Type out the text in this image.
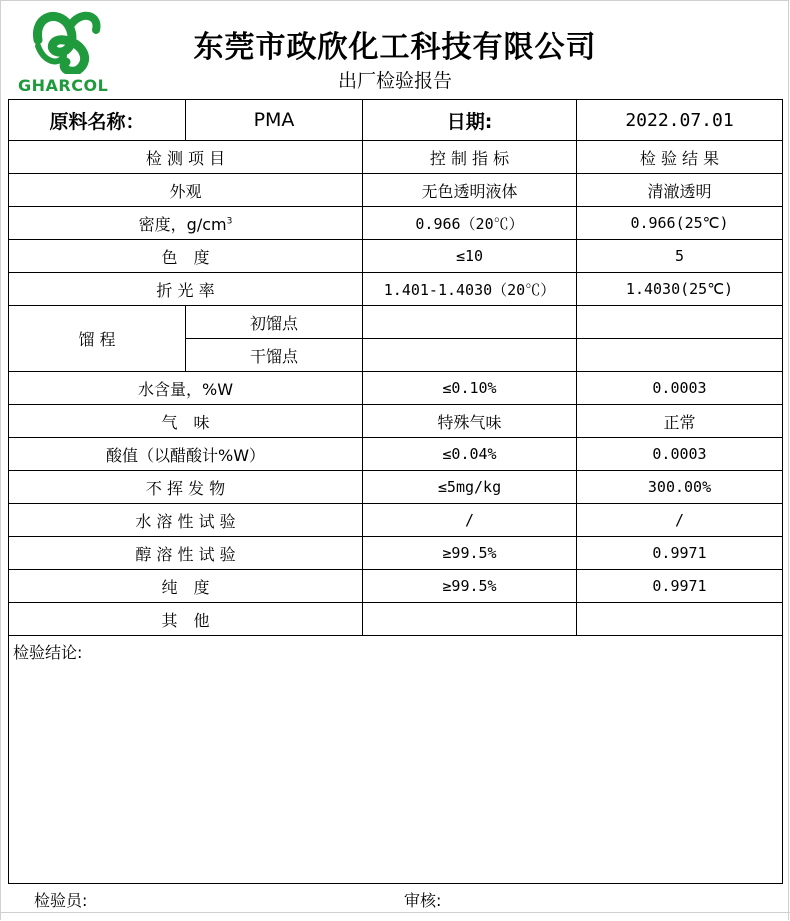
GHARCOL
东莞市政欣化工科技有限公司
出厂检验报告
原料名称：	PMA	日期:	2022.07.01
检 测 项 目		控 制 指 标	检 验 结 果
外观		无色透明液体	清澈透明
密度，$g/cm^3$		0.966（20℃）	0.966(25℃)
色　度		≤10	5
折 光 率		1.401-1.4030（20℃）	1.4030(25℃)
馏 程	初馏点		
	干馏点		
水含量，%W		≤0.10%	0.0003
气　味		特殊气味	正常
酸值（以醋酸计%W）		≤0.04%	0.0003
不 挥 发 物		≤5mg/kg	300.00%
水 溶 性 试 验		/	/
醇 溶 性 试 验		≥99.5%	0.9971
纯　度		≥99.5%	0.9971
其　他			
检验结论:			
检验员:	审核:
